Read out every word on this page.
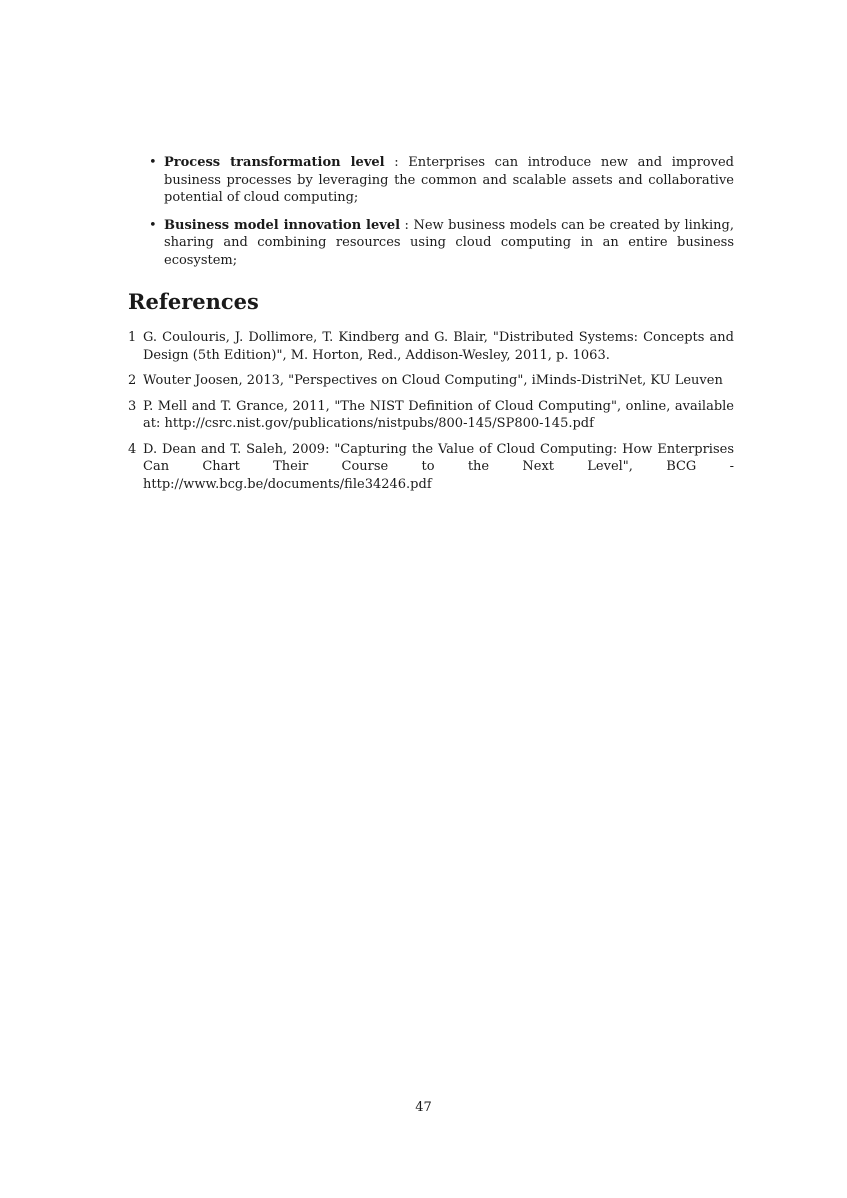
• Process transformation level : Enterprises can introduce new and improved business processes by leveraging the common and scalable assets and collaborative potential of cloud computing;
• Business model innovation level : New business models can be created by linking, sharing and combining resources using cloud computing in an entire business ecosystem;
References
1 G. Coulouris, J. Dollimore, T. Kindberg and G. Blair, "Distributed Systems: Concepts and Design (5th Edition)", M. Horton, Red., Addison-Wesley, 2011, p. 1063.
2 Wouter Joosen, 2013, "Perspectives on Cloud Computing", iMinds-DistriNet, KU Leuven
3 P. Mell and T. Grance, 2011, "The NIST Definition of Cloud Computing", online, available at: http://csrc.nist.gov/publications/nistpubs/800-145/SP800-145.pdf
4 D. Dean and T. Saleh, 2009: "Capturing the Value of Cloud Computing: How Enterprises Can Chart Their Course to the Next Level", BCG -http://www.bcg.be/documents/file34246.pdf
47
